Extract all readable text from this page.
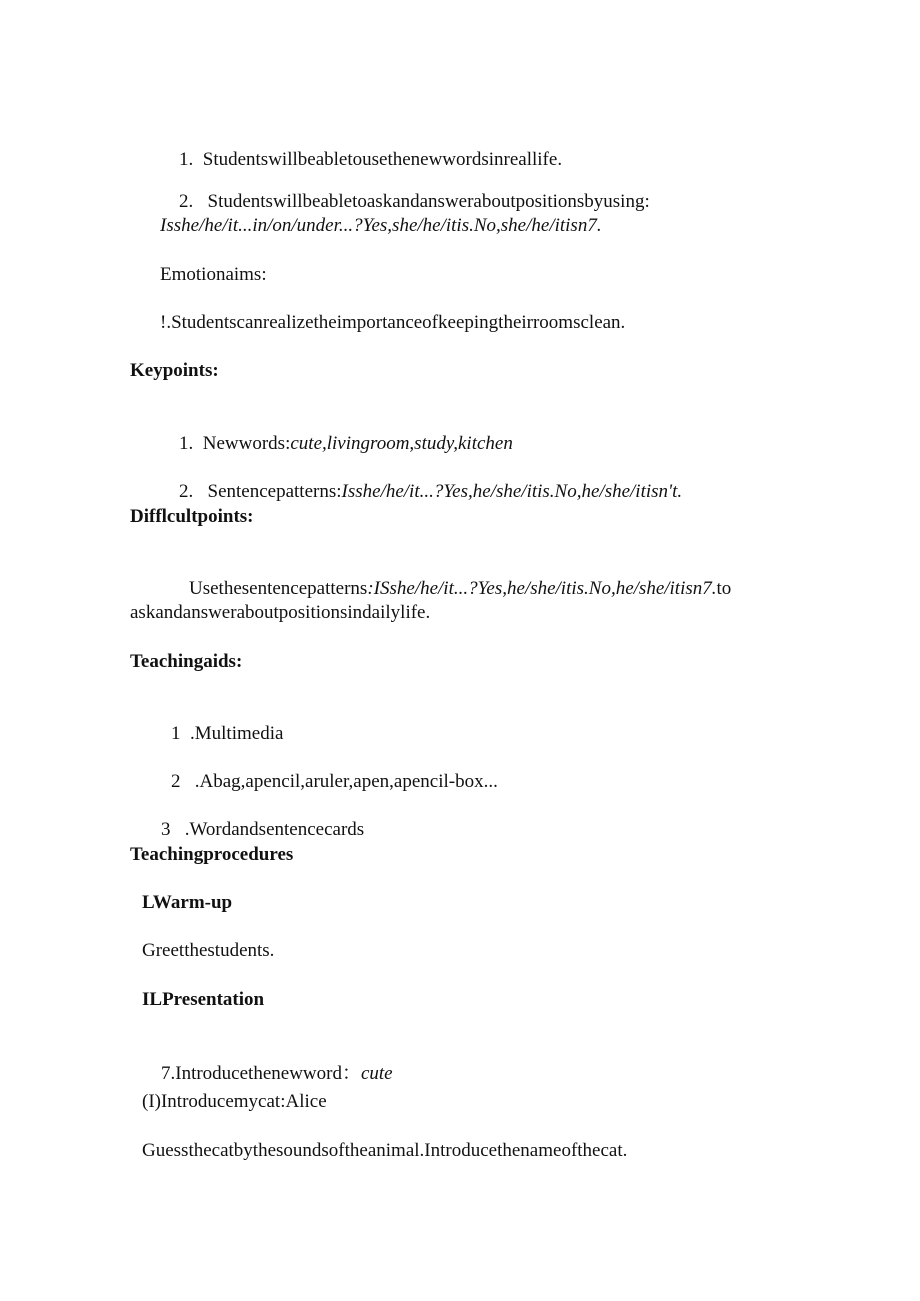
1. Studentswillbeabletousethenewwordsinreallife.

2. Studentswillbeabletoaskandansweraboutpositionsbyusing:

Isshe/he/it...in/on/under...?Yes,she/he/itis.No,she/he/itisn7.
Emotionaims:
!.Studentscanrealizetheimportanceofkeepingtheirroomsclean.
Keypoints:

1. Newwords:cute,livingroom,study,kitchen

2. Sentencepatterns:Isshe/he/it...?Yes,he/she/itis.No,he/she/itisn't.

Difflcultpoints:

Usethesentencepatterns:ISshe/he/it...?Yes,he/she/itis.No,he/she/itisn7.to

askandansweraboutpositionsindailylife.
Teachingaids:

1 .Multimedia

2 .Abag,apencil,aruler,apen,apencil-box...

3 .Wordandsentencecards

Teachingprocedures
LWarm-up
Greetthestudents.
ILPresentation

7.Introducethenewword：cute

(I)Introducemycat:Alice
Guessthecatbythesoundsoftheanimal.Introducethenameofthecat.
